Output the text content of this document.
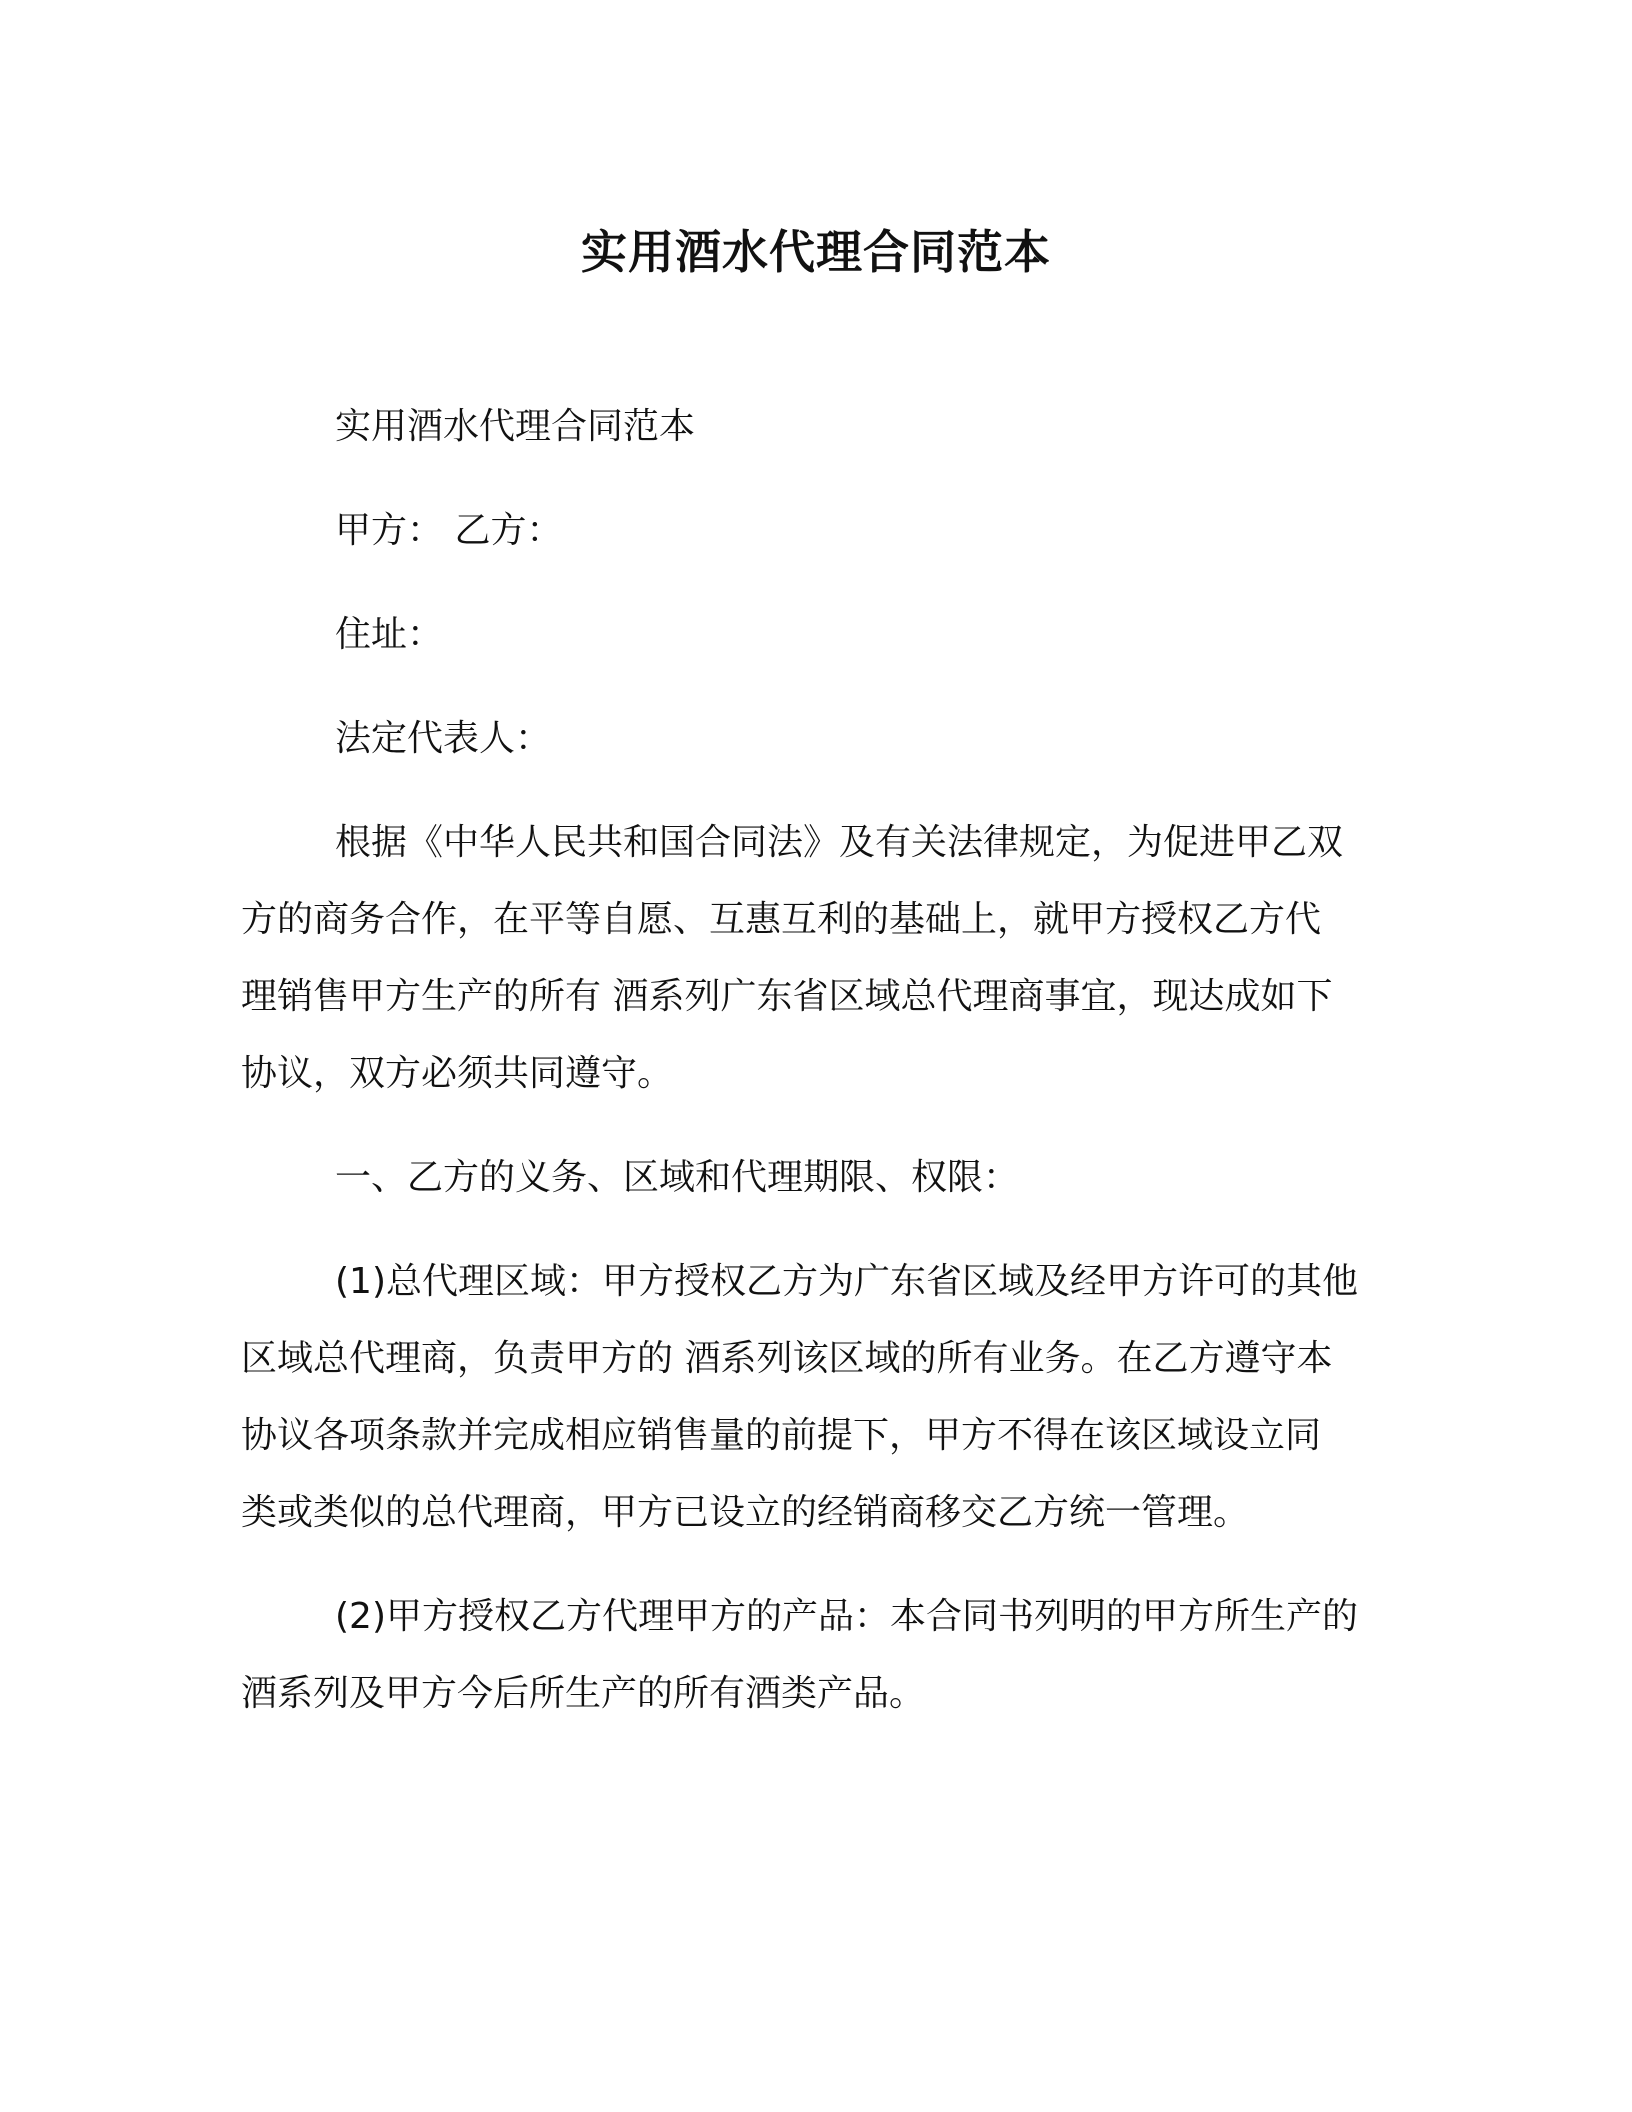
实用酒水代理合同范本
实用酒水代理合同范本
甲方： 乙方：
住址：
法定代表人：
根据《中华人民共和国合同法》及有关法律规定，为促进甲乙双
方的商务合作，在平等自愿、互惠互利的基础上，就甲方授权乙方代
理销售甲方生产的所有 酒系列广东省区域总代理商事宜，现达成如下
协议，双方必须共同遵守。
一、乙方的义务、区域和代理期限、权限：
(1)总代理区域：甲方授权乙方为广东省区域及经甲方许可的其他
区域总代理商，负责甲方的 酒系列该区域的所有业务。在乙方遵守本
协议各项条款并完成相应销售量的前提下，甲方不得在该区域设立同
类或类似的总代理商，甲方已设立的经销商移交乙方统一管理。
(2)甲方授权乙方代理甲方的产品：本合同书列明的甲方所生产的
酒系列及甲方今后所生产的所有酒类产品。
